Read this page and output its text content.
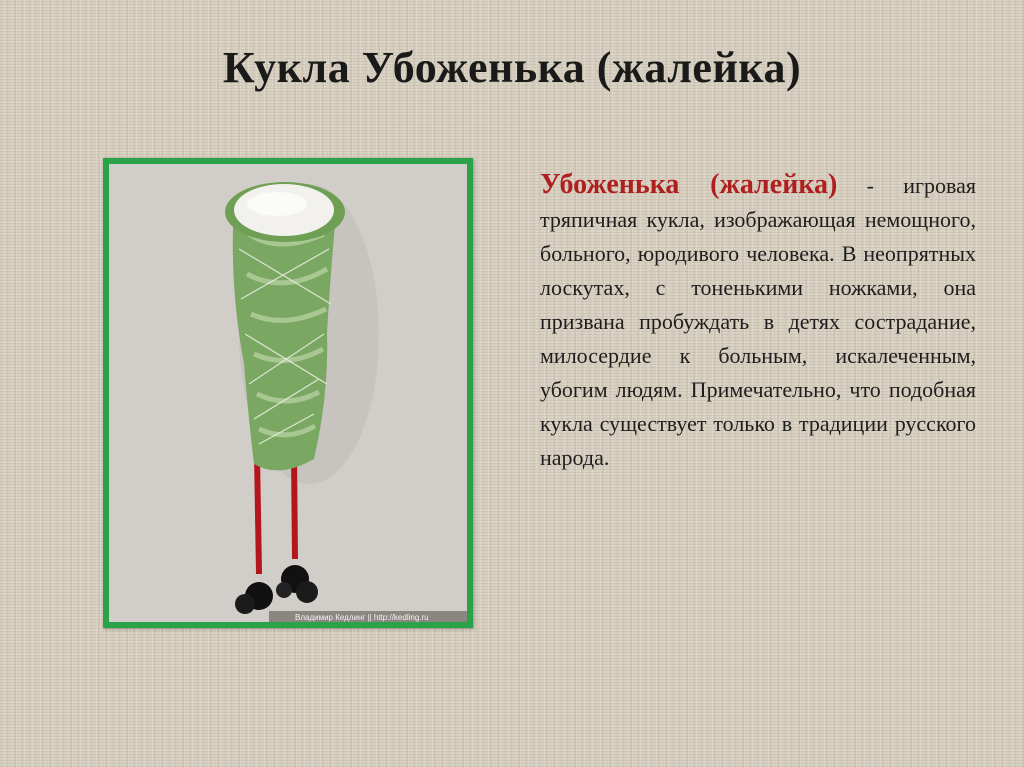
Кукла Убоженька (жалейка)
Владимир Кедлинг || http://kedling.ru
Убоженька (жалейка) - игровая тряпичная кукла, изображающая немощного, больного, юродивого человека. В неопрятных лоскутах, с тоненькими ножками, она призвана пробуждать в детях сострадание, милосердие к больным, искалеченным, убогим людям. Примечательно, что подобная кукла существует только в традиции русского народа.
